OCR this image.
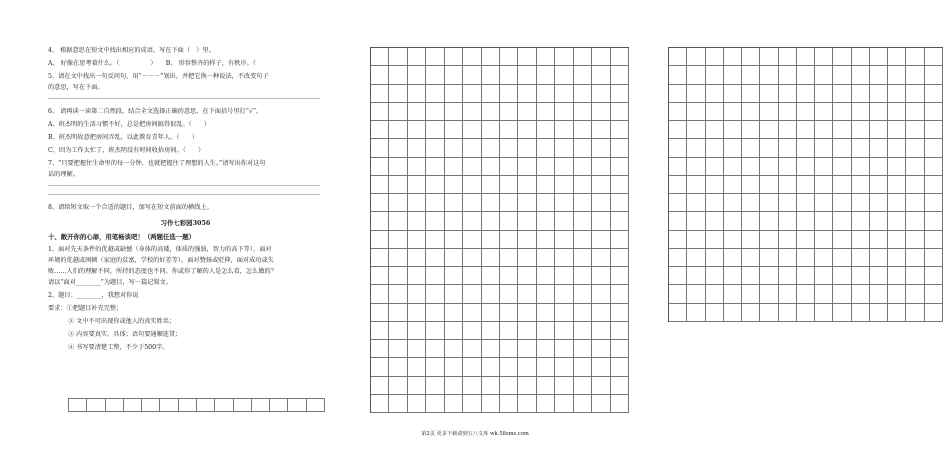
4、 根据意思在短文中找出相应的成语，写在下面（　）里。
A、 好像在思考着什么。（　　　　　）　　B、 形容整齐的样子，有秩序。（
5、请在文中找出一句反问句，用“－－－”划出，并把它换一种说法，不改变句子
的意思，写在下面。
6、 请再读一读第二自然段，结合全文选择正确的意思，在下面括号里打“√”。
A、班杰明的生活习惯不好，总是把房间搞得很乱。（　　）
B、班杰明故意把房间弄乱，以此教育青年人。（　　）
C、因为工作太忙了，班杰明没有时间收拾房间。（　　）
7、“只要把握住生命里的每一分钟，也就把握住了理想的人生。”请写出你对这句
话的理解。
8、请给短文取一个合适的题目，加写在短文前面的横线上。
习作七彩园3056
十、敞开你的心扉，用笔畅谈吧！（两题任选一题）
1、面对先天条件的优越或缺憾（身体的高矮，体质的强弱，智力的高下等），面对
环境的优越或困顿（家庭的贫富，学校的好差等），面对赞扬或贬抑，面对成功或失
败……人们的理解不同，所持的态度也不同。你或你了解的人是怎么看，怎么做的？
请以“面对________”为题目，写一篇记叙文。
2、题目：________，我想对你说
要求：①把题目补充完整；
② 文中不可出现你或他人的真实姓名；
③ 内容要真实、具体；语句要通顺连贯；
④ 书写要清楚工整，不少于500字。
第2页 更多下载请到五八文库 wk.58sms.com
